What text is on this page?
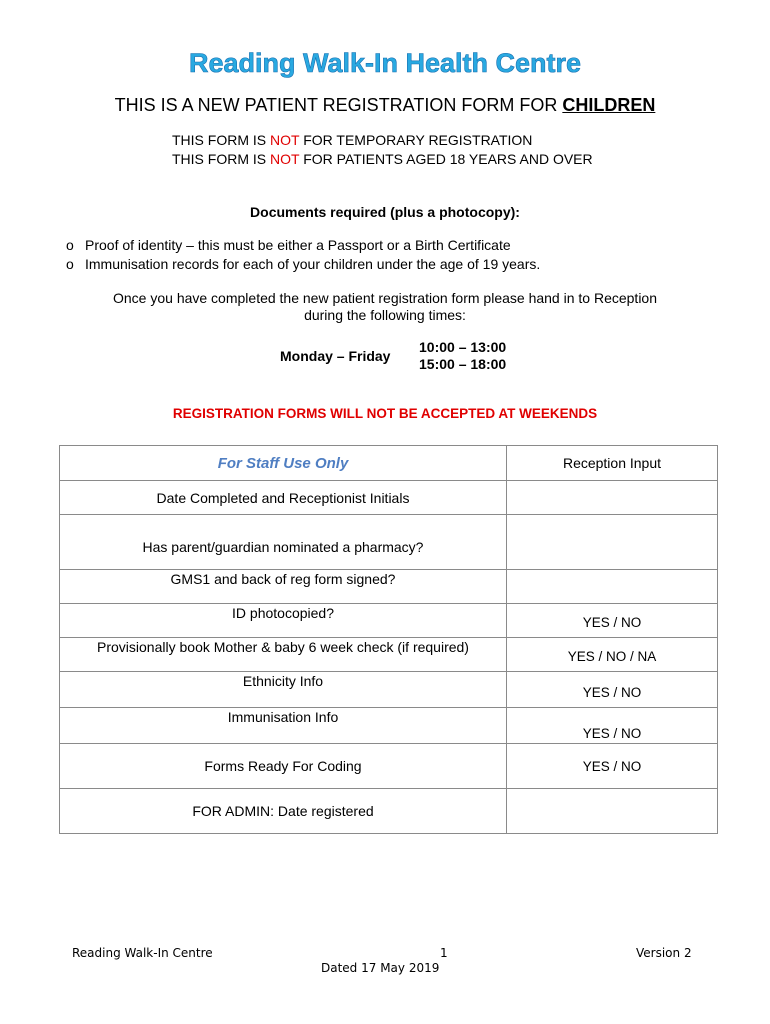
Reading Walk-In Health Centre
THIS IS A NEW PATIENT REGISTRATION FORM FOR CHILDREN
THIS FORM IS NOT FOR TEMPORARY REGISTRATION
THIS FORM IS NOT FOR PATIENTS AGED 18 YEARS AND OVER
Documents required (plus a photocopy):
o Proof of identity – this must be either a Passport or a Birth Certificate
o Immunisation records for each of your children under the age of 19 years.
Once you have completed the new patient registration form please hand in to Reception
during the following times:
Monday – Friday
10:00 – 13:00
15:00 – 18:00
REGISTRATION FORMS WILL NOT BE ACCEPTED AT WEEKENDS
For Staff Use Only	Reception Input
Date Completed and Receptionist Initials	
Has parent/guardian nominated a pharmacy?	
GMS1 and back of reg form signed?	
ID photocopied?	YES / NO
Provisionally book Mother & baby 6 week check (if required)	YES / NO / NA
Ethnicity Info	YES / NO
Immunisation Info	YES / NO
Forms Ready For Coding	YES / NO
FOR ADMIN: Date registered	
Reading Walk-In Centre	1	Version 2
Dated 17 May 2019
